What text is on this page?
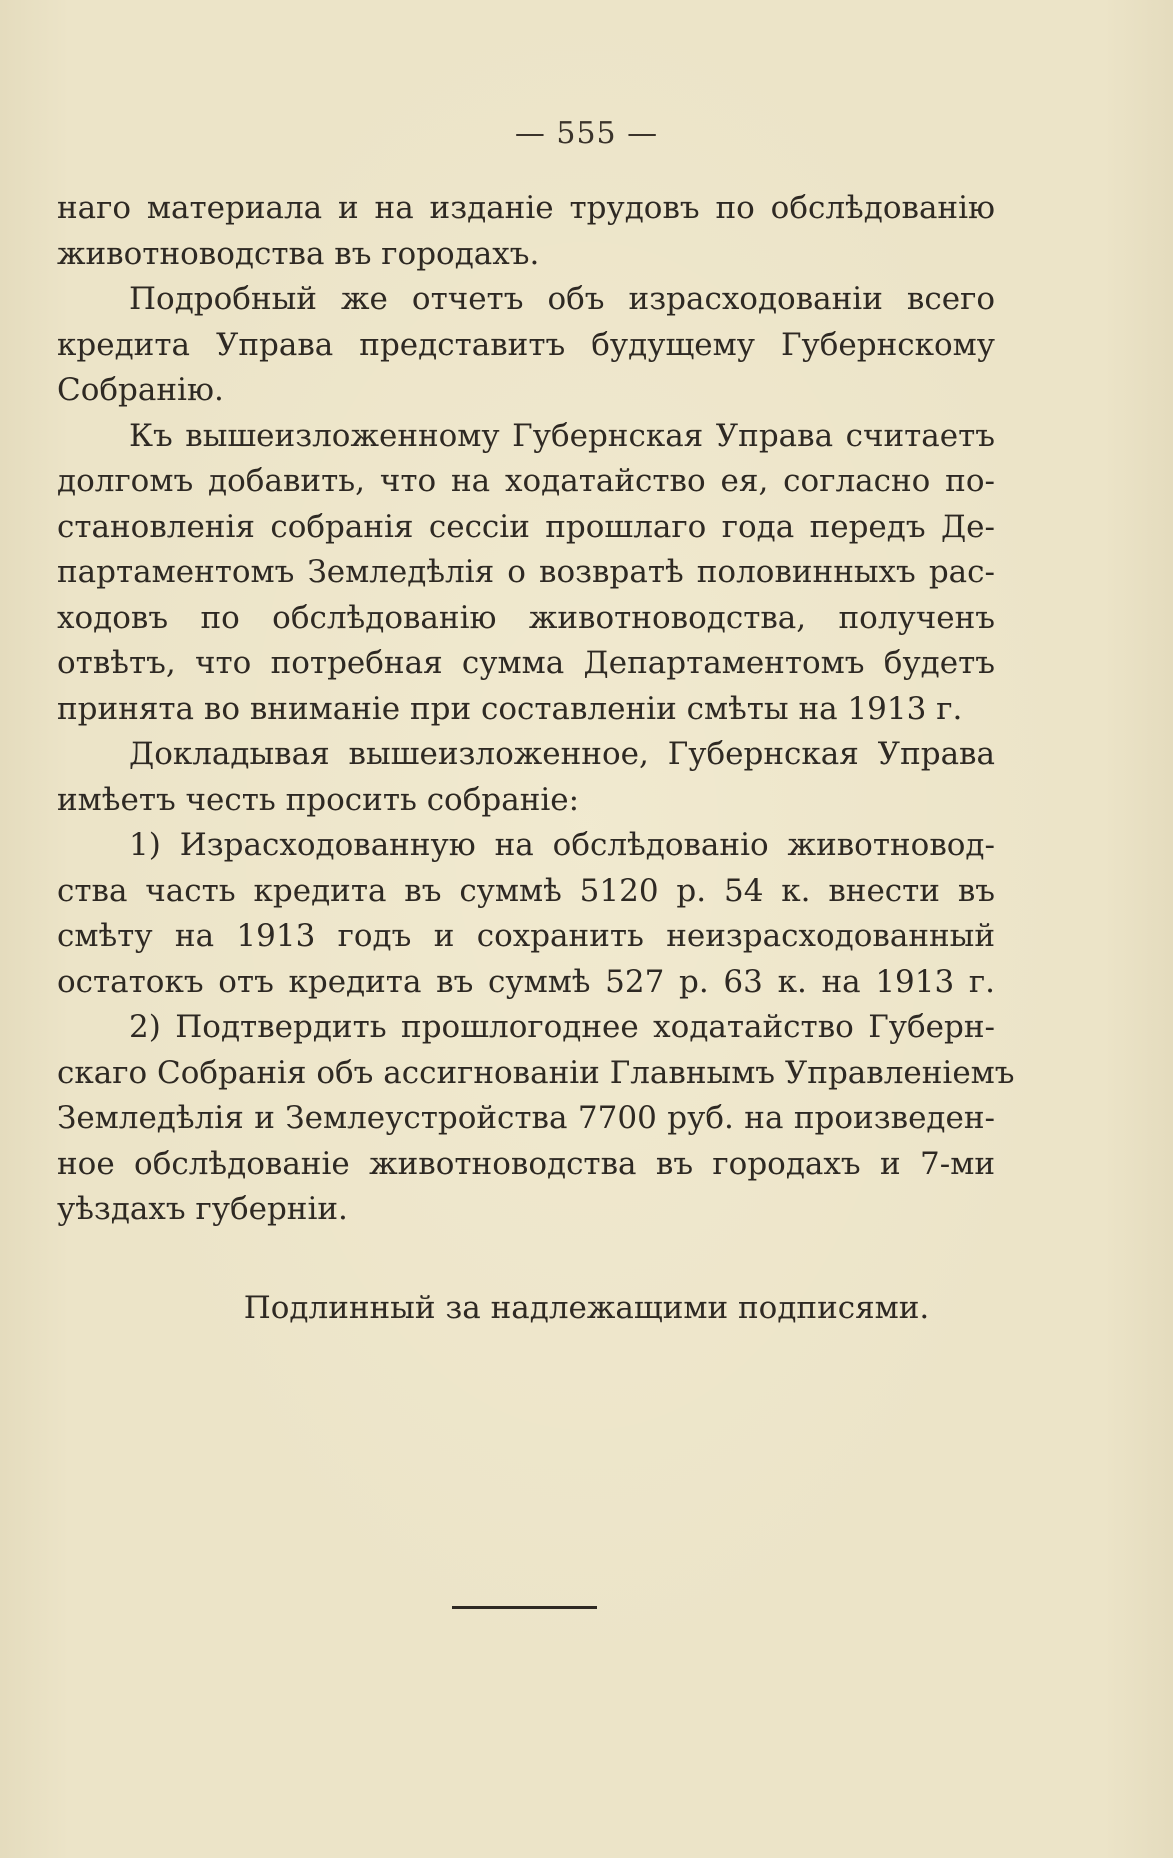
— 555 —
наго материала и на изданіе трудовъ по обслѣдованію
животноводства въ городахъ.
Подробный же отчетъ объ израсходованіи всего
кредита Управа представитъ будущему Губернскому
Собранію.
Къ вышеизложенному Губернская Управа считаетъ
долгомъ добавить, что на ходатайство ея, согласно по-
становленія собранія сессіи прошлаго года передъ Де-
партаментомъ Земледѣлія о возвратѣ половинныхъ рас-
ходовъ по обслѣдованію животноводства, полученъ
отвѣтъ, что потребная сумма Департаментомъ будетъ
принята во вниманіе при составленіи смѣты на 1913 г.
Докладывая вышеизложенное, Губернская Управа
имѣетъ честь просить собраніе:
1) Израсходованную на обслѣдованіо животновод-
ства часть кредита въ суммѣ 5120 р. 54 к. внести въ
смѣту на 1913 годъ и сохранить неизрасходованный
остатокъ отъ кредита въ суммѣ 527 р. 63 к. на 1913 г.
2) Подтвердить прошлогоднее ходатайство Губерн-
скаго Собранія объ ассигнованіи Главнымъ Управленіемъ
Земледѣлія и Землеустройства 7700 руб. на произведен-
ное обслѣдованіе животноводства въ городахъ и 7-ми
уѣздахъ губерніи.
Подлинный за надлежащими подписями.
